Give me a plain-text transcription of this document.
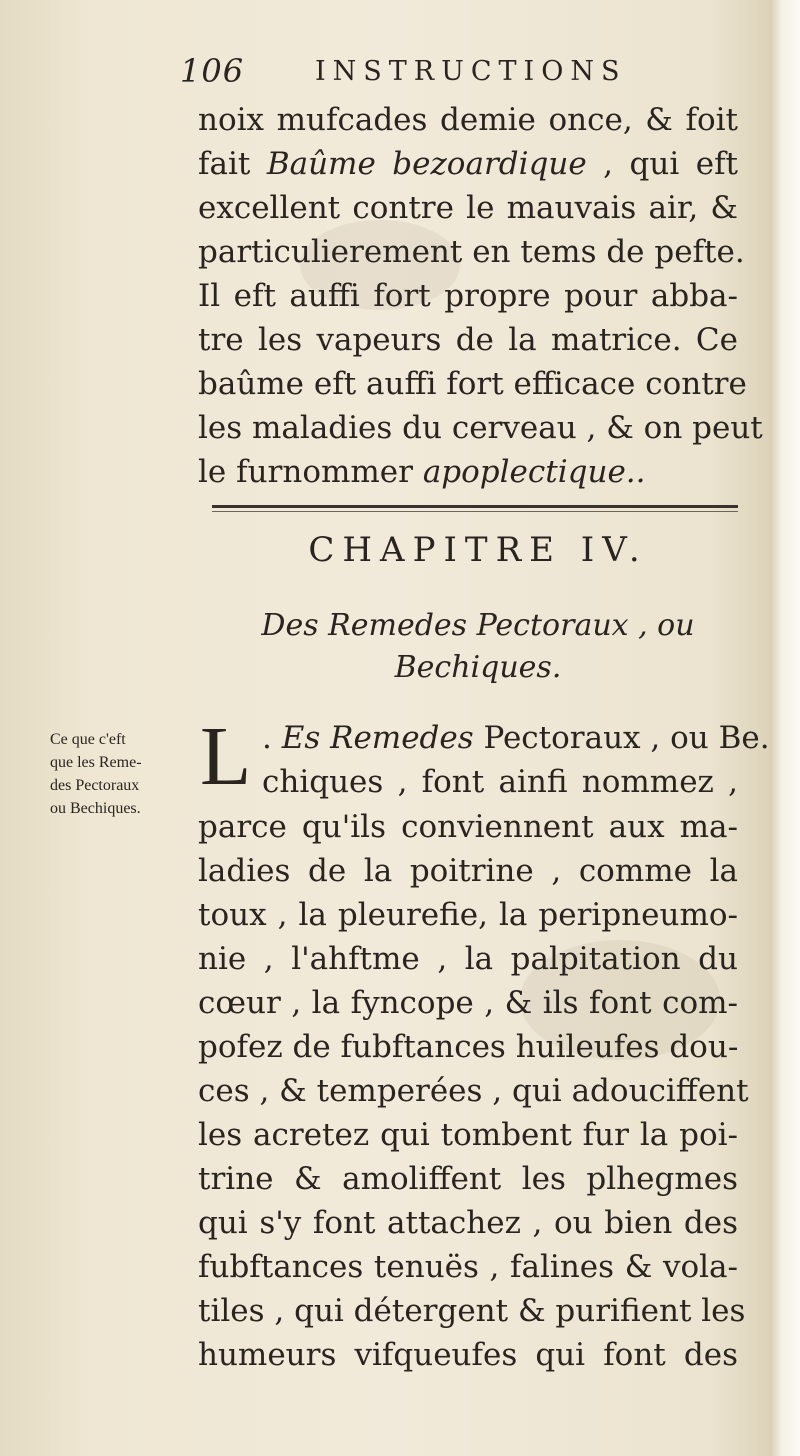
106	INSTRUCTIONS
noix mufcades demie once, & foit
fait Baûme bezoardique , qui eft
excellent contre le mauvais air, &
particulierement en tems de pefte.
Il eft auffi fort propre pour abba-
tre les vapeurs de la matrice. Ce
baûme eft auffi fort efficace contre
les maladies du cerveau , & on peut
le furnommer apoplectique..
CHAPITRE IV.
Des Remedes Pectoraux , ou
Bechiques.
Ce que c'eft
que les Reme-
des Pectoraux
ou Bechiques.
L . Es Remedes Pectoraux , ou Be.
chiques , font ainfi nommez ,
parce qu'ils conviennent aux ma-
ladies de la poitrine , comme la
toux , la pleurefie, la peripneumo-
nie , l'ahftme , la palpitation du
cœur , la fyncope , & ils font com-
pofez de fubftances huileufes dou-
ces , & temperées , qui adouciffent
les acretez qui tombent fur la poi-
trine & amoliffent les plhegmes
qui s'y font attachez , ou bien des
fubftances tenuës , falines & vola-
tiles , qui détergent & purifient les
humeurs vifqueufes qui font des
